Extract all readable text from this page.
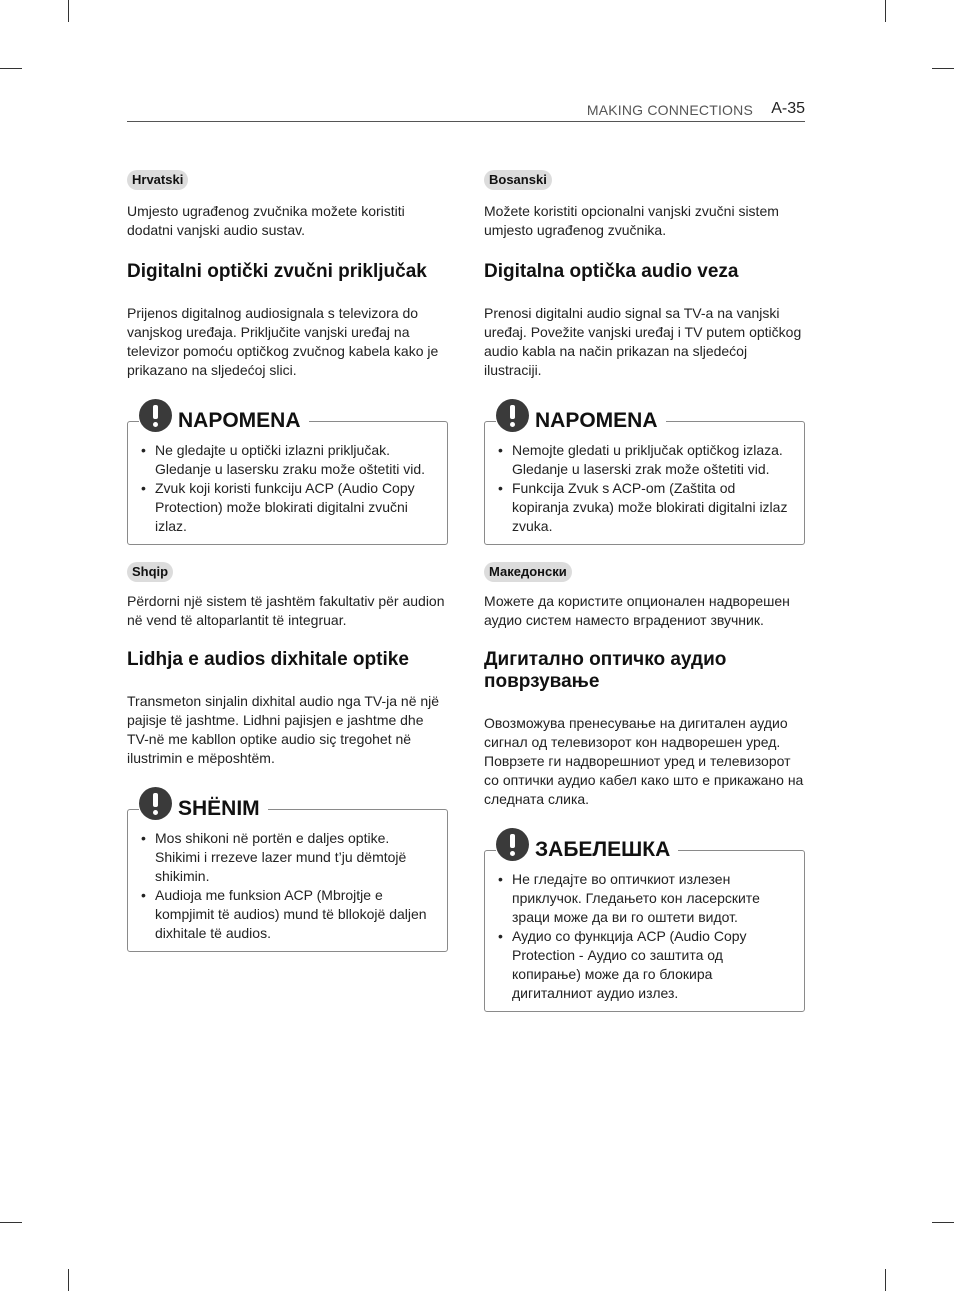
MAKING CONNECTIONS A-35
Hrvatski

Umjesto ugrađenog zvučnika možete koristiti dodatni vanjski audio sustav.

Digitalni optički zvučni priključak

Prijenos digitalnog audiosignala s televizora do vanjskog uređaja. Priključite vanjski uređaj na televizor pomoću optičkog zvučnog kabela kako je prikazano na sljedećoj slici.

NAPOMENA
• Ne gledajte u optički izlazni priključak. Gledanje u lasersku zraku može oštetiti vid.
• Zvuk koji koristi funkciju ACP (Audio Copy Protection) može blokirati digitalni zvučni izlaz.
Shqip

Përdorni një sistem të jashtëm fakultativ për audion në vend të altoparlantit të integruar.

Lidhja e audios dixhitale optike

Transmeton sinjalin dixhital audio nga TV-ja në një pajisje të jashtme. Lidhni pajisjen e jashtme dhe TV-në me kabllon optike audio siç tregohet në ilustrimin e mëposhtëm.

SHËNIM
• Mos shikoni në portën e daljes optike. Shikimi i rrezeve lazer mund t’ju dëmtojë shikimin.
• Audioja me funksion ACP (Mbrojtje e kompjimit të audios) mund të bllokojë daljen dixhitale të audios.
Bosanski

Možete koristiti opcionalni vanjski zvučni sistem umjesto ugrađenog zvučnika.

Digitalna optička audio veza

Prenosi digitalni audio signal sa TV-a na vanjski uređaj. Povežite vanjski uređaj i TV putem optičkog audio kabla na način prikazan na sljedećoj ilustraciji.

NAPOMENA
• Nemojte gledati u priključak optičkog izlaza. Gledanje u laserski zrak može oštetiti vid.
• Funkcija Zvuk s ACP-om (Zaštita od kopiranja zvuka) može blokirati digitalni izlaz zvuka.
Македонски

Можете да користите опционален надворешен аудио систем наместо вградениот звучник.

Дигитално оптичко аудио поврзување

Овозможува пренесување на дигитален аудио сигнал од телевизорот кон надворешен уред. Поврзете ги надворешниот уред и телевизорот со оптички аудио кабел како што е прикажано на следната слика.

ЗАБЕЛЕШКА
• Не гледајте во оптичкиот излезен приклучок. Гледањето кон ласерските зраци може да ви го оштети видот.
• Аудио со функција ACP (Audio Copy Protection - Аудио со заштита од копирање) може да го блокира дигиталниот аудио излез.
